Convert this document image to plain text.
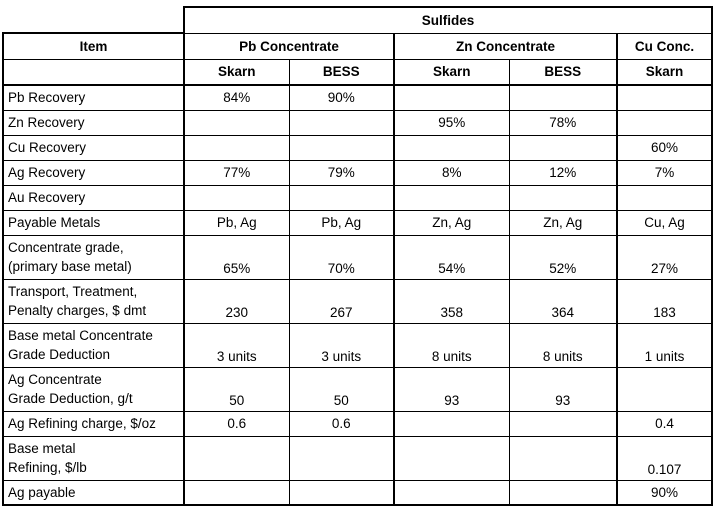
	Sulfides				
Item	Pb Concentrate		Zn Concentrate		Cu Conc.
	Skarn	BESS	Skarn	BESS	Skarn
Pb Recovery	84%	90%			
Zn Recovery			95%	78%	
Cu Recovery					60%
Ag Recovery	77%	79%	8%	12%	7%
Au Recovery					
Payable Metals	Pb, Ag	Pb, Ag	Zn, Ag	Zn, Ag	Cu, Ag
Concentrate grade,
(primary base metal)	65%	70%	54%	52%	27%
Transport, Treatment,
Penalty charges, $ dmt	230	267	358	364	183
Base metal Concentrate
Grade Deduction	3 units	3 units	8 units	8 units	1 units
Ag Concentrate
Grade Deduction, g/t	50	50	93	93	
Ag Refining charge, $/oz	0.6	0.6			0.4
Base metal
Refining, $/lb					0.107
Ag payable					90%
